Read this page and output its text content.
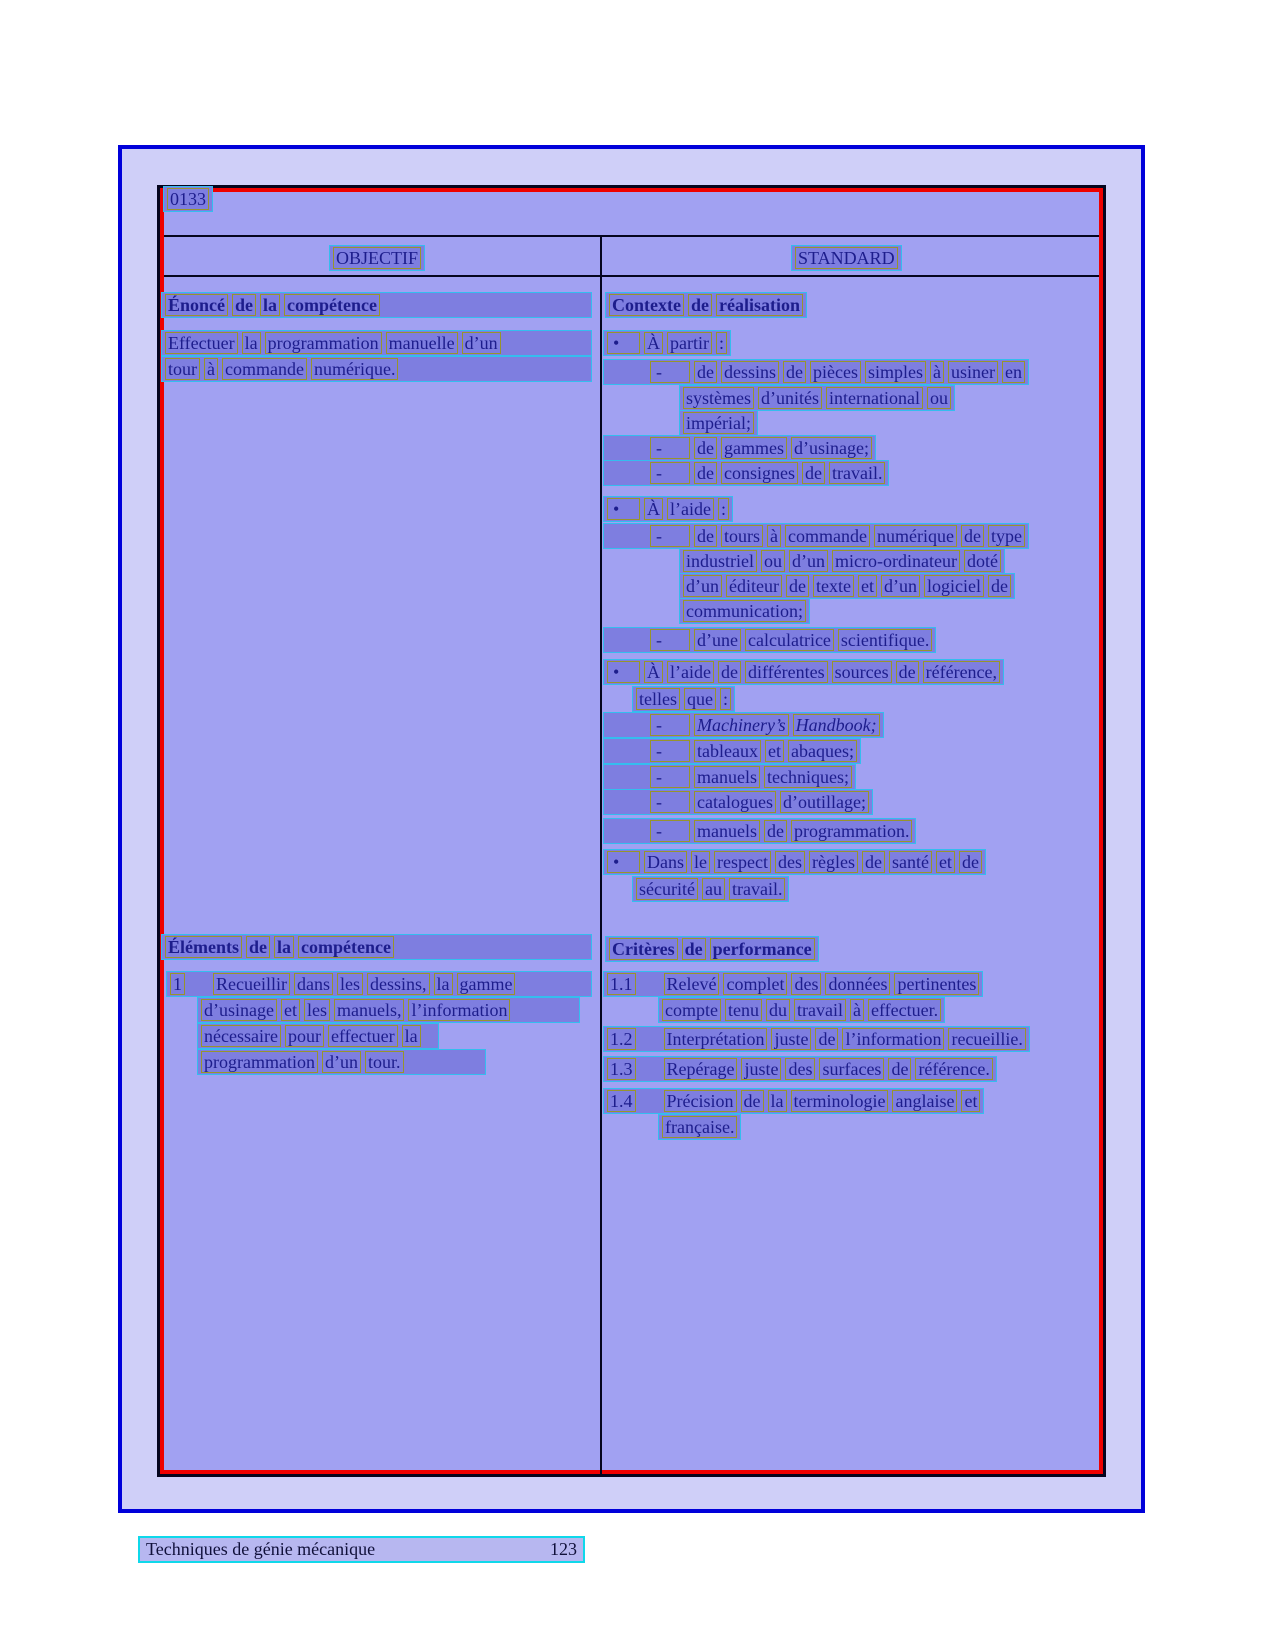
0133
OBJECTIF	STANDARD
Énoncé de la compétence
Effectuer la programmation manuelle d’un
tour à commande numérique.
Éléments de la compétence
1 Recueillir dans les dessins, la gamme
d’usinage et les manuels, l’information
nécessaire pour effectuer la
programmation d’un tour.
Contexte de réalisation
•	À partir :
-	de dessins de pièces simples à usiner en
systèmes d’unités international ou
impérial;
-	de gammes d’usinage;
-	de consignes de travail.
•	À l’aide :
-	de tours à commande numérique de type
industriel ou d’un micro-ordinateur doté
d’un éditeur de texte et d’un logiciel de
communication;
-	d’une calculatrice scientifique.
•	À l’aide de différentes sources de référence,
telles que :
-	Machinery’s Handbook;
-	tableaux et abaques;
-	manuels techniques;
-	catalogues d’outillage;
-	manuels de programmation.
•	Dans le respect des règles de santé et de
sécurité au travail.
Critères de performance
1.1 Relevé complet des données pertinentes
compte tenu du travail à effectuer.
1.2 Interprétation juste de l’information recueillie.
1.3 Repérage juste des surfaces de référence.
1.4 Précision de la terminologie anglaise et
française.
Techniques de génie mécanique	123
